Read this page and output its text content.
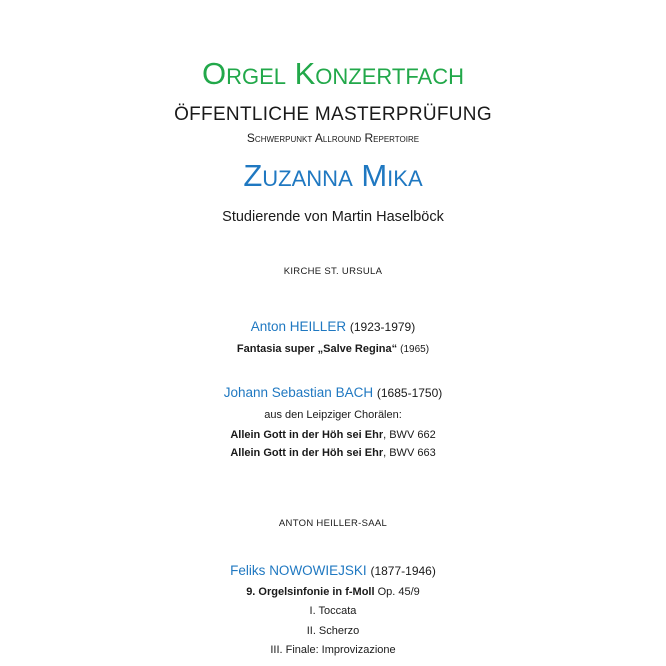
Orgel Konzertfach
ÖFFENTLICHE MASTERPRÜFUNG
Schwerpunkt Allround Repertoire
Zuzanna Mika
Studierende von Martin Haselböck
KIRCHE ST. URSULA
Anton HEILLER (1923-1979)
Fantasia super „Salve Regina“ (1965)
Johann Sebastian BACH (1685-1750)
aus den Leipziger Chorälen:
Allein Gott in der Höh sei Ehr, BWV 662
Allein Gott in der Höh sei Ehr, BWV 663
ANTON HEILLER-SAAL
Feliks NOWOWIEJSKI (1877-1946)
9. Orgelsinfonie in f-Moll Op. 45/9
I. Toccata
II. Scherzo
III. Finale: Improvizazione
